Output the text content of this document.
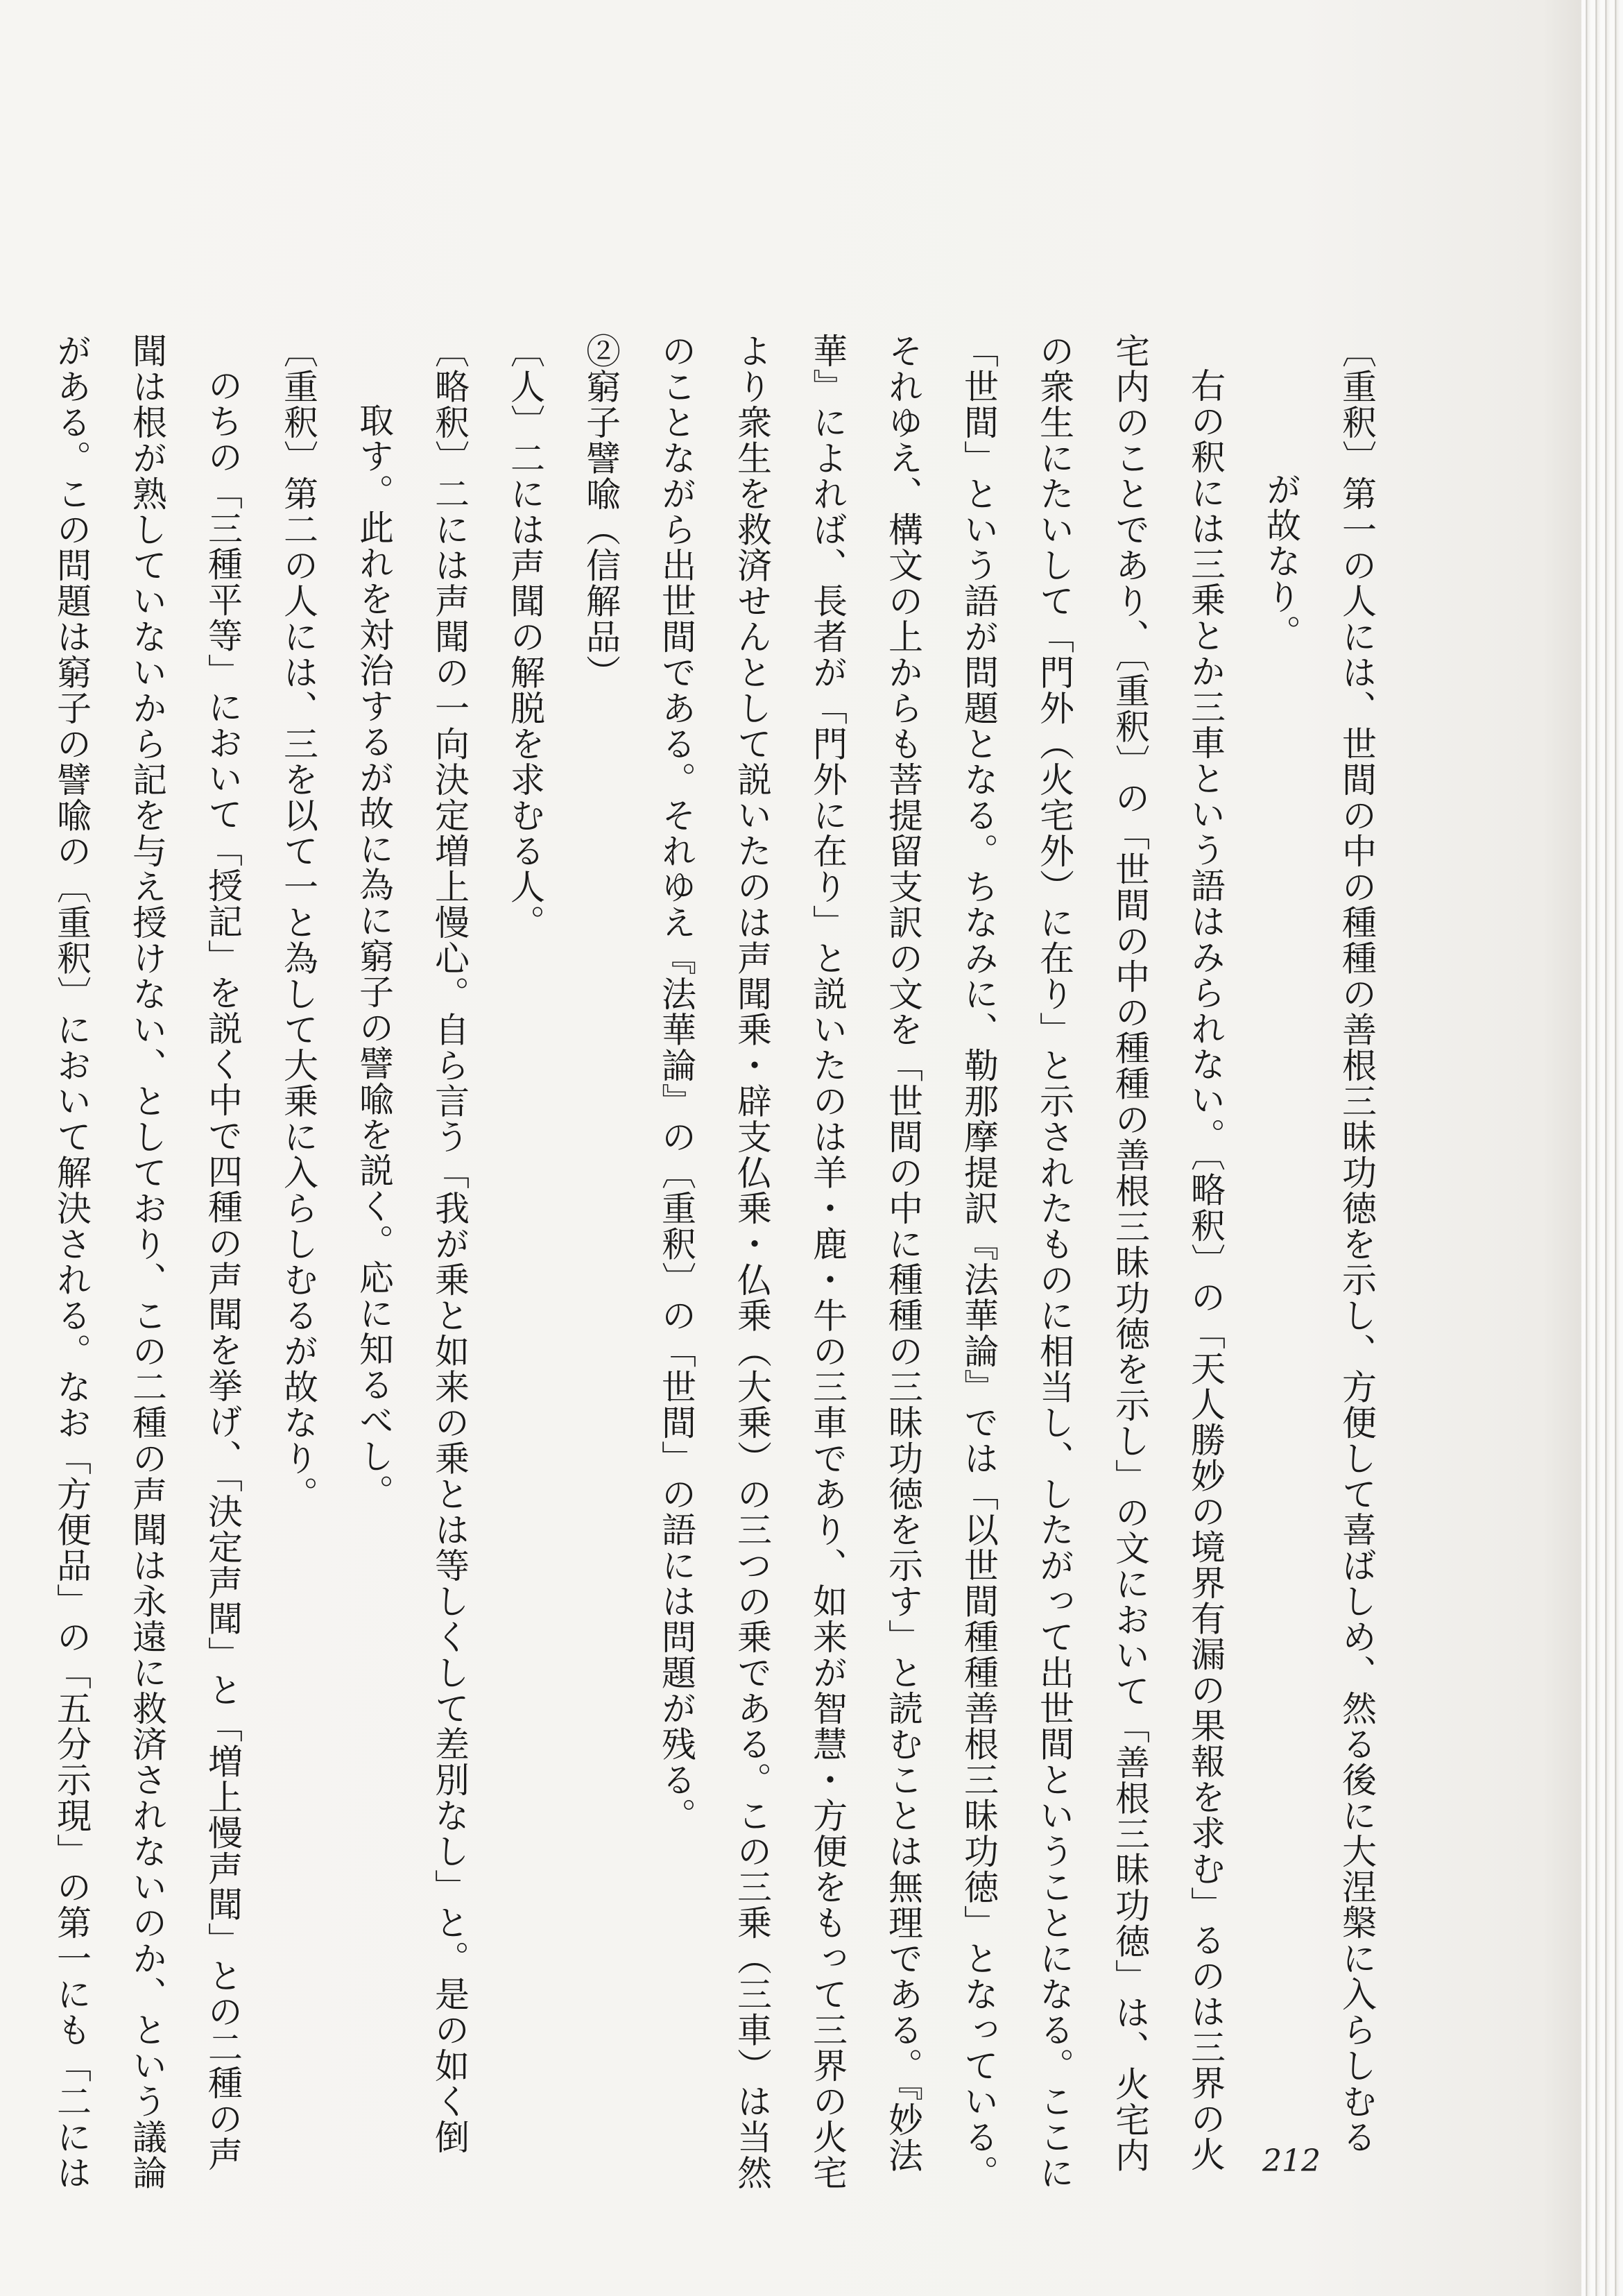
〔重釈〕第一の人には、世間の中の種種の善根三昧功徳を示し、方便して喜ばしめ、然る後に大涅槃に入らしむる
が故なり。
右の釈には三乗とか三車という語はみられない。〔略釈〕の「天人勝妙の境界有漏の果報を求む」るのは三界の火
宅内のことであり、〔重釈〕の「世間の中の種種の善根三昧功徳を示し」の文において「善根三昧功徳」は、火宅内
の衆生にたいして「門外（火宅外）に在り」と示されたものに相当し、したがって出世間ということになる。ここに
「世間」という語が問題となる。ちなみに、勒那摩提訳『法華論』では「以世間種種善根三昧功徳」となっている。
それゆえ、構文の上からも菩提留支訳の文を「世間の中に種種の三昧功徳を示す」と読むことは無理である。『妙法
華』によれば、長者が「門外に在り」と説いたのは羊・鹿・牛の三車であり、如来が智慧・方便をもって三界の火宅
より衆生を救済せんとして説いたのは声聞乗・辟支仏乗・仏乗（大乗）の三つの乗である。この三乗（三車）は当然
のことながら出世間である。それゆえ『法華論』の〔重釈〕の「世間」の語には問題が残る。
②窮子譬喩（信解品）
〔人〕二には声聞の解脱を求むる人。
〔略釈〕二には声聞の一向決定増上慢心。自ら言う「我が乗と如来の乗とは等しくして差別なし」と。是の如く倒
取す。此れを対治するが故に為に窮子の譬喩を説く。応に知るべし。
〔重釈〕第二の人には、三を以て一と為して大乗に入らしむるが故なり。
のちの「三種平等」において「授記」を説く中で四種の声聞を挙げ、「決定声聞」と「増上慢声聞」との二種の声
聞は根が熟していないから記を与え授けない、としており、この二種の声聞は永遠に救済されないのか、という議論
がある。この問題は窮子の譬喩の〔重釈〕において解決される。なお「方便品」の「五分示現」の第一にも「二には	212
